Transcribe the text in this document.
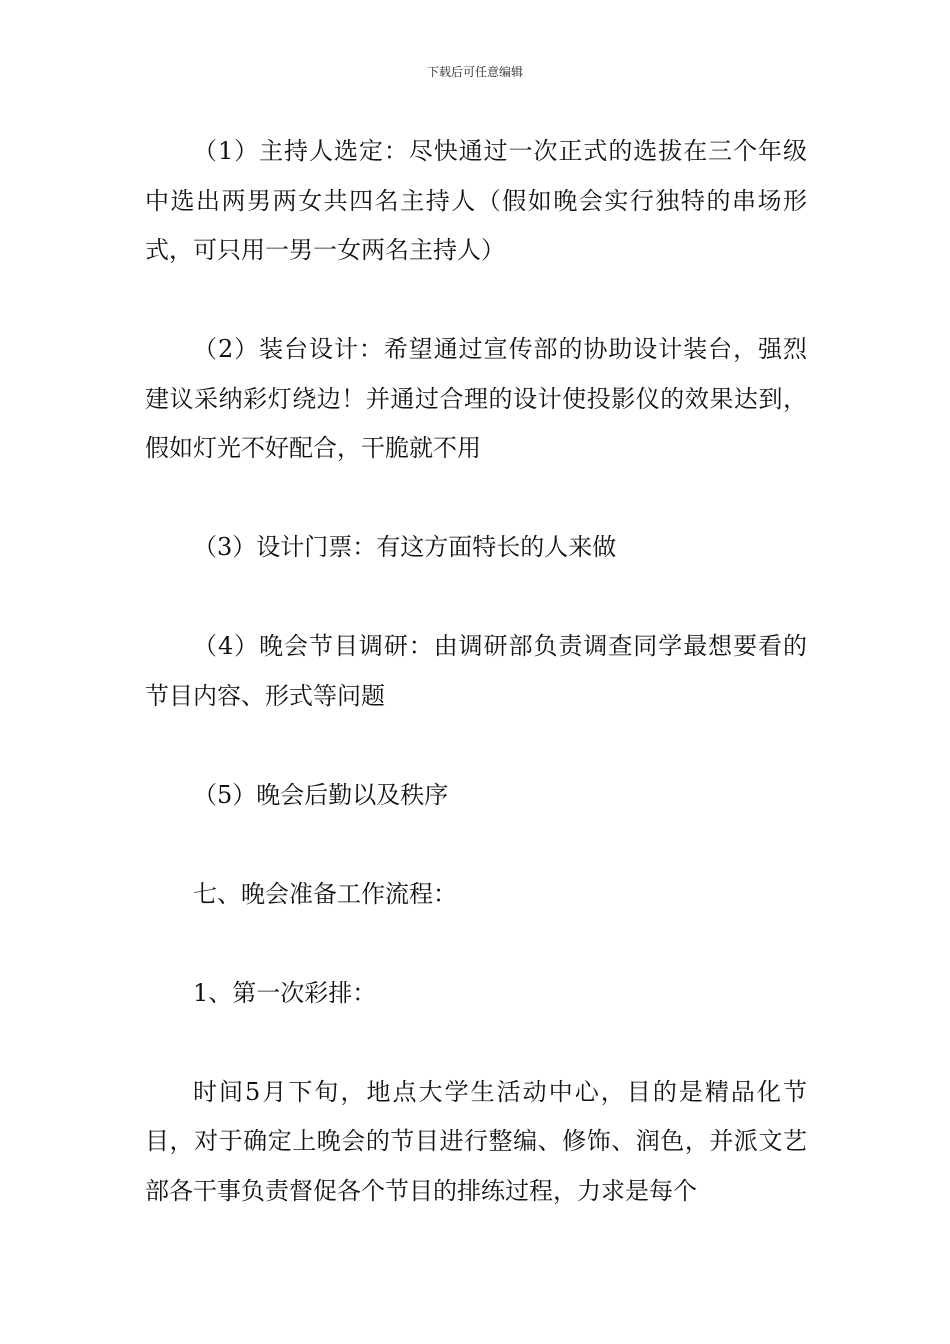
下载后可任意编辑

（1）主持人选定：尽快通过一次正式的选拔在三个年级中选出两男两女共四名主持人（假如晚会实行独特的串场形式，可只用一男一女两名主持人）

（2）装台设计：希望通过宣传部的协助设计装台，强烈建议采纳彩灯绕边！并通过合理的设计使投影仪的效果达到，假如灯光不好配合，干脆就不用

（3）设计门票：有这方面特长的人来做

（4）晚会节目调研：由调研部负责调查同学最想要看的节目内容、形式等问题

（5）晚会后勤以及秩序

七、晚会准备工作流程：

1、第一次彩排：

时间5月下旬，地点大学生活动中心，目的是精品化节目，对于确定上晚会的节目进行整编、修饰、润色，并派文艺部各干事负责督促各个节目的排练过程，力求是每个
